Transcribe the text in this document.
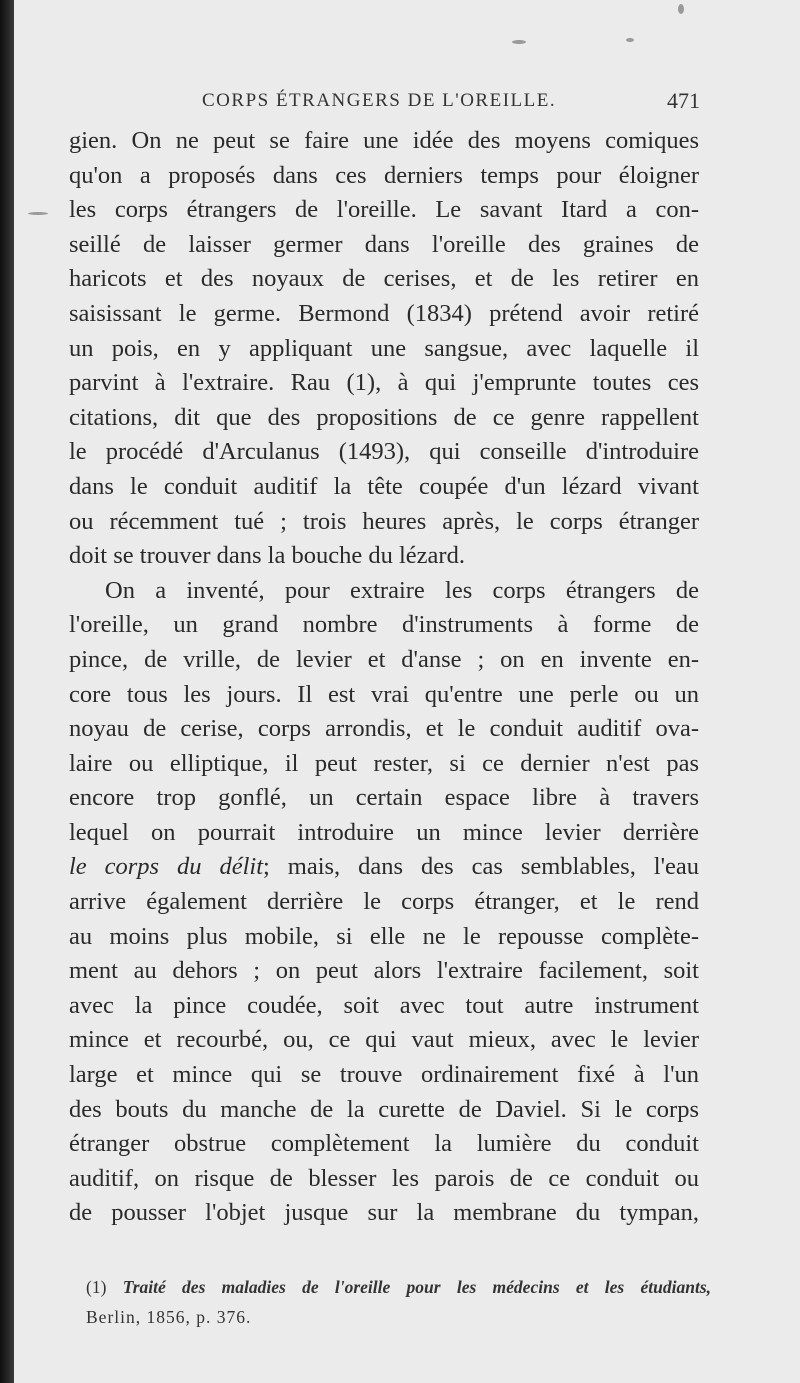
CORPS ÉTRANGERS DE L'OREILLE.	471
gien. On ne peut se faire une idée des moyens comiques
qu'on a proposés dans ces derniers temps pour éloigner
les corps étrangers de l'oreille. Le savant Itard a con-
seillé de laisser germer dans l'oreille des graines de
haricots et des noyaux de cerises, et de les retirer en
saisissant le germe. Bermond (1834) prétend avoir retiré
un pois, en y appliquant une sangsue, avec laquelle il
parvint à l'extraire. Rau (1), à qui j'emprunte toutes ces
citations, dit que des propositions de ce genre rappellent
le procédé d'Arculanus (1493), qui conseille d'introduire
dans le conduit auditif la tête coupée d'un lézard vivant
ou récemment tué ; trois heures après, le corps étranger
doit se trouver dans la bouche du lézard.
On a inventé, pour extraire les corps étrangers de
l'oreille, un grand nombre d'instruments à forme de
pince, de vrille, de levier et d'anse ; on en invente en-
core tous les jours. Il est vrai qu'entre une perle ou un
noyau de cerise, corps arrondis, et le conduit auditif ova-
laire ou elliptique, il peut rester, si ce dernier n'est pas
encore trop gonflé, un certain espace libre à travers
lequel on pourrait introduire un mince levier derrière
le corps du délit; mais, dans des cas semblables, l'eau
arrive également derrière le corps étranger, et le rend
au moins plus mobile, si elle ne le repousse complète-
ment au dehors ; on peut alors l'extraire facilement, soit
avec la pince coudée, soit avec tout autre instrument
mince et recourbé, ou, ce qui vaut mieux, avec le levier
large et mince qui se trouve ordinairement fixé à l'un
des bouts du manche de la curette de Daviel. Si le corps
étranger obstrue complètement la lumière du conduit
auditif, on risque de blesser les parois de ce conduit ou
de pousser l'objet jusque sur la membrane du tympan,
(1) Traité des maladies de l'oreille pour les médecins et les étudiants,
Berlin, 1856, p. 376.
